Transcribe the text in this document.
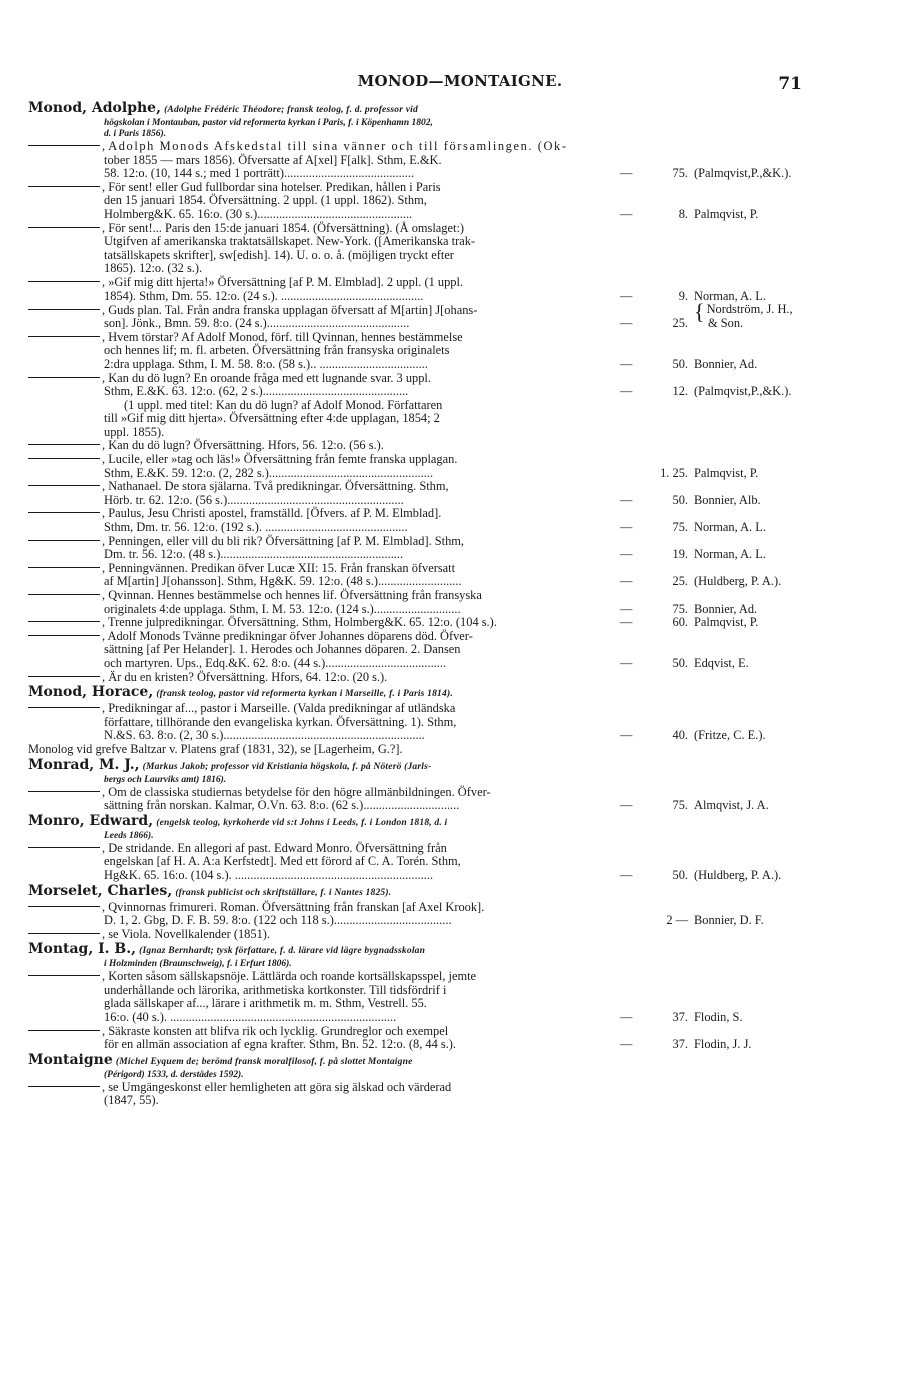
MONOD—MONTAIGNE.	71
Monod, Adolphe, (Adolphe Frédéric Théodore; fransk teolog, f. d. professor vid
högskolan i Montauban, pastor vid reformerta kyrkan i Paris, f. i Köpenhamn 1802,
d. i Paris 1856).
, Adolph Monods Afskedstal till sina vänner och till församlingen. (Ok-
tober 1855 — mars 1856). Öfversatte af A[xel] F[alk]. Sthm, E.&K.
58. 12:o. (10, 144 s.; med 1 porträtt)..........................................	—	75. (Palmqvist,P.,&K.).
, För sent! eller Gud fullbordar sina hotelser. Predikan, hållen i Paris
den 15 januari 1854. Öfversättning. 2 uppl. (1 uppl. 1862). Sthm,
Holmberg&K. 65. 16:o. (30 s.)..................................................	—	8. Palmqvist, P.
, För sent!... Paris den 15:de januari 1854. (Öfversättning). (Å omslaget:)
Utgifven af amerikanska traktatsällskapet. New-York. ([Amerikanska trak-
tatsällskapets skrifter], sw[edish]. 14). U. o. o. å. (möjligen tryckt efter
1865). 12:o. (32 s.).
, »Gif mig ditt hjerta!» Öfversättning [af P. M. Elmblad]. 2 uppl. (1 uppl.
1854). Sthm, Dm. 55. 12:o. (24 s.). ..............................................	—	9. Norman, A. L.
, Guds plan. Tal. Från andra franska upplagan öfversatt af M[artin] J[ohans-	{ Nordström, J. H.,
son]. Jönk., Bmn. 59. 8:o. (24 s.)..............................................	—	25.	& Son.
, Hvem törstar? Af Adolf Monod, förf. till Qvinnan, hennes bestämmelse
och hennes lif; m. fl. arbeten. Öfversättning från fransyska originalets
2:dra upplaga. Sthm, I. M. 58. 8:o. (58 s.).. ...................................	—	50. Bonnier, Ad.
, Kan du dö lugn? En oroande fråga med ett lugnande svar. 3 uppl.
Sthm, E.&K. 63. 12:o. (62, 2 s.)...............................................	—	12. (Palmqvist,P.,&K.).
(1 uppl. med titel: Kan du dö lugn? af Adolf Monod. Författaren
till »Gif mig ditt hjerta». Öfversättning efter 4:de upplagan, 1854; 2
uppl. 1855).
, Kan du dö lugn? Öfversättning. Hfors, 56. 12:o. (56 s.).
, Lucile, eller »tag och läs!» Öfversättning från femte franska upplagan.
Sthm, E.&K. 59. 12:o. (2, 282 s.).....................................................	1. 25. Palmqvist, P.
, Nathanael. De stora själarna. Två predikningar. Öfversättning. Sthm,
Hörb. tr. 62. 12:o. (56 s.).........................................................	—	50. Bonnier, Alb.
, Paulus, Jesu Christi apostel, framställd. [Öfvers. af P. M. Elmblad].
Sthm, Dm. tr. 56. 12:o. (192 s.). ..............................................	—	75. Norman, A. L.
, Penningen, eller vill du bli rik? Öfversättning [af P. M. Elmblad]. Sthm,
Dm. tr. 56. 12:o. (48 s.)...........................................................	—	19. Norman, A. L.
, Penningvännen. Predikan öfver Lucæ XII: 15. Från franskan öfversatt
af M[artin] J[ohansson]. Sthm, Hg&K. 59. 12:o. (48 s.)...........................	—	25. (Huldberg, P. A.).
, Qvinnan. Hennes bestämmelse och hennes lif. Öfversättning från fransyska
originalets 4:de upplaga. Sthm, I. M. 53. 12:o. (124 s.)............................	—	75. Bonnier, Ad.
, Trenne julpredikningar. Öfversättning. Sthm, Holmberg&K. 65. 12:o. (104 s.).	—	60. Palmqvist, P.
, Adolf Monods Tvänne predikningar öfver Johannes döparens död. Öfver-
sättning [af Per Helander]. 1. Herodes och Johannes döparen. 2. Dansen
och martyren. Ups., Edq.&K. 62. 8:o. (44 s.).......................................	—	50. Edqvist, E.
, Är du en kristen? Öfversättning. Hfors, 64. 12:o. (20 s.).
Monod, Horace, (fransk teolog, pastor vid reformerta kyrkan i Marseille, f. i Paris 1814).
, Predikningar af..., pastor i Marseille. (Valda predikningar af utländska
författare, tillhörande den evangeliska kyrkan. Öfversättning. 1). Sthm,
N.&S. 63. 8:o. (2, 30 s.).................................................................	—	40. (Fritze, C. E.).
Monolog vid grefve Baltzar v. Platens graf (1831, 32), se [Lagerheim, G.?].
Monrad, M. J., (Markus Jakob; professor vid Kristiania högskola, f. på Nöterö (Jarls-
bergs och Laurviks amt) 1816).
, Om de classiska studiernas betydelse för den högre allmänbildningen. Öfver-
sättning från norskan. Kalmar, O.Vn. 63. 8:o. (62 s.)...............................	—	75. Almqvist, J. A.
Monro, Edward, (engelsk teolog, kyrkoherde vid s:t Johns i Leeds, f. i London 1818, d. i
Leeds 1866).
, De stridande. En allegori af past. Edward Monro. Öfversättning från
engelskan [af H. A. A:a Kerfstedt]. Med ett förord af C. A. Torén. Sthm,
Hg&K. 65. 16:o. (104 s.). ................................................................	—	50. (Huldberg, P. A.).
Morselet, Charles, (fransk publicist och skriftställare, f. i Nantes 1825).
, Qvinnornas frimureri. Roman. Öfversättning från franskan [af Axel Krook].
D. 1, 2. Gbg, D. F. B. 59. 8:o. (122 och 118 s.)......................................	2 — Bonnier, D. F.
, se Viola. Novellkalender (1851).
Montag, I. B., (Ignaz Bernhardt; tysk författare, f. d. lärare vid lägre bygnadsskolan
i Holzminden (Braunschweig), f. i Erfurt 1806).
, Korten såsom sällskapsnöje. Lättlärda och roande kortsällskapsspel, jemte
underhållande och lärorika, arithmetiska kortkonster. Till tidsfördrif i
glada sällskaper af..., lärare i arithmetik m. m. Sthm, Vestrell. 55.
16:o. (40 s.). .........................................................................	—	37. Flodin, S.
, Säkraste konsten att blifva rik och lycklig. Grundreglor och exempel
för en allmän association af egna krafter. Sthm, Bn. 52. 12:o. (8, 44 s.).	—	37. Flodin, J. J.
Montaigne (Michel Eyquem de; berömd fransk moralfilosof, f. på slottet Montaigne
(Périgord) 1533, d. derstädes 1592).
, se Umgängeskonst eller hemligheten att göra sig älskad och värderad
(1847, 55).
